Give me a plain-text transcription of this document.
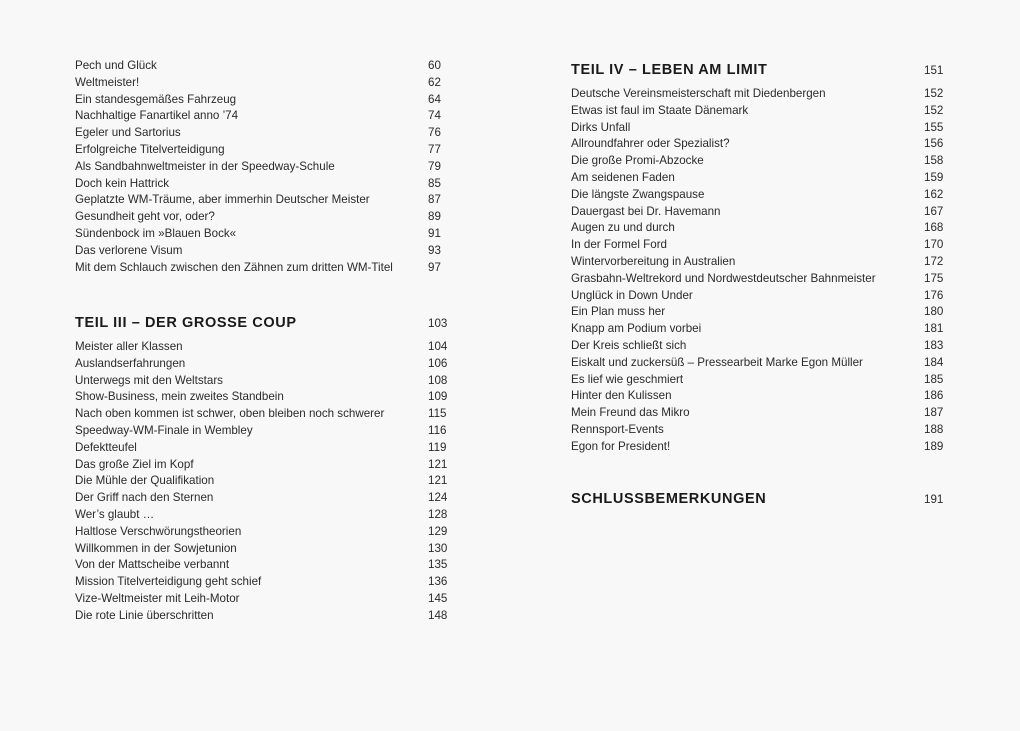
Pech und Glück	60
Weltmeister!	62
Ein standesgemäßes Fahrzeug	64
Nachhaltige Fanartikel anno ’74	74
Egeler und Sartorius	76
Erfolgreiche Titelverteidigung	77
Als Sandbahnweltmeister in der Speedway-Schule	79
Doch kein Hattrick	85
Geplatzte WM-Träume, aber immerhin Deutscher Meister	87
Gesundheit geht vor, oder?	89
Sündenbock im »Blauen Bock«	91
Das verlorene Visum	93
Mit dem Schlauch zwischen den Zähnen zum dritten WM-Titel	97
TEIL III – DER GROSSE COUP	103
Meister aller Klassen	104
Auslandserfahrungen	106
Unterwegs mit den Weltstars	108
Show-Business, mein zweites Standbein	109
Nach oben kommen ist schwer, oben bleiben noch schwerer	115
Speedway-WM-Finale in Wembley	116
Defektteufel	119
Das große Ziel im Kopf	121
Die Mühle der Qualifikation	121
Der Griff nach den Sternen	124
Wer’s glaubt …	128
Haltlose Verschwörungstheorien	129
Willkommen in der Sowjetunion	130
Von der Mattscheibe verbannt	135
Mission Titelverteidigung geht schief	136
Vize-Weltmeister mit Leih-Motor	145
Die rote Linie überschritten	148
TEIL IV – LEBEN AM LIMIT	151
Deutsche Vereinsmeisterschaft mit Diedenbergen	152
Etwas ist faul im Staate Dänemark	152
Dirks Unfall	155
Allroundfahrer oder Spezialist?	156
Die große Promi-Abzocke	158
Am seidenen Faden	159
Die längste Zwangspause	162
Dauergast bei Dr. Havemann	167
Augen zu und durch	168
In der Formel Ford	170
Wintervorbereitung in Australien	172
Grasbahn-Weltrekord und Nordwestdeutscher Bahnmeister	175
Unglück in Down Under	176
Ein Plan muss her	180
Knapp am Podium vorbei	181
Der Kreis schließt sich	183
Eiskalt und zuckersüß – Pressearbeit Marke Egon Müller	184
Es lief wie geschmiert	185
Hinter den Kulissen	186
Mein Freund das Mikro	187
Rennsport-Events	188
Egon for President!	189
SCHLUSSBEMERKUNGEN	191
